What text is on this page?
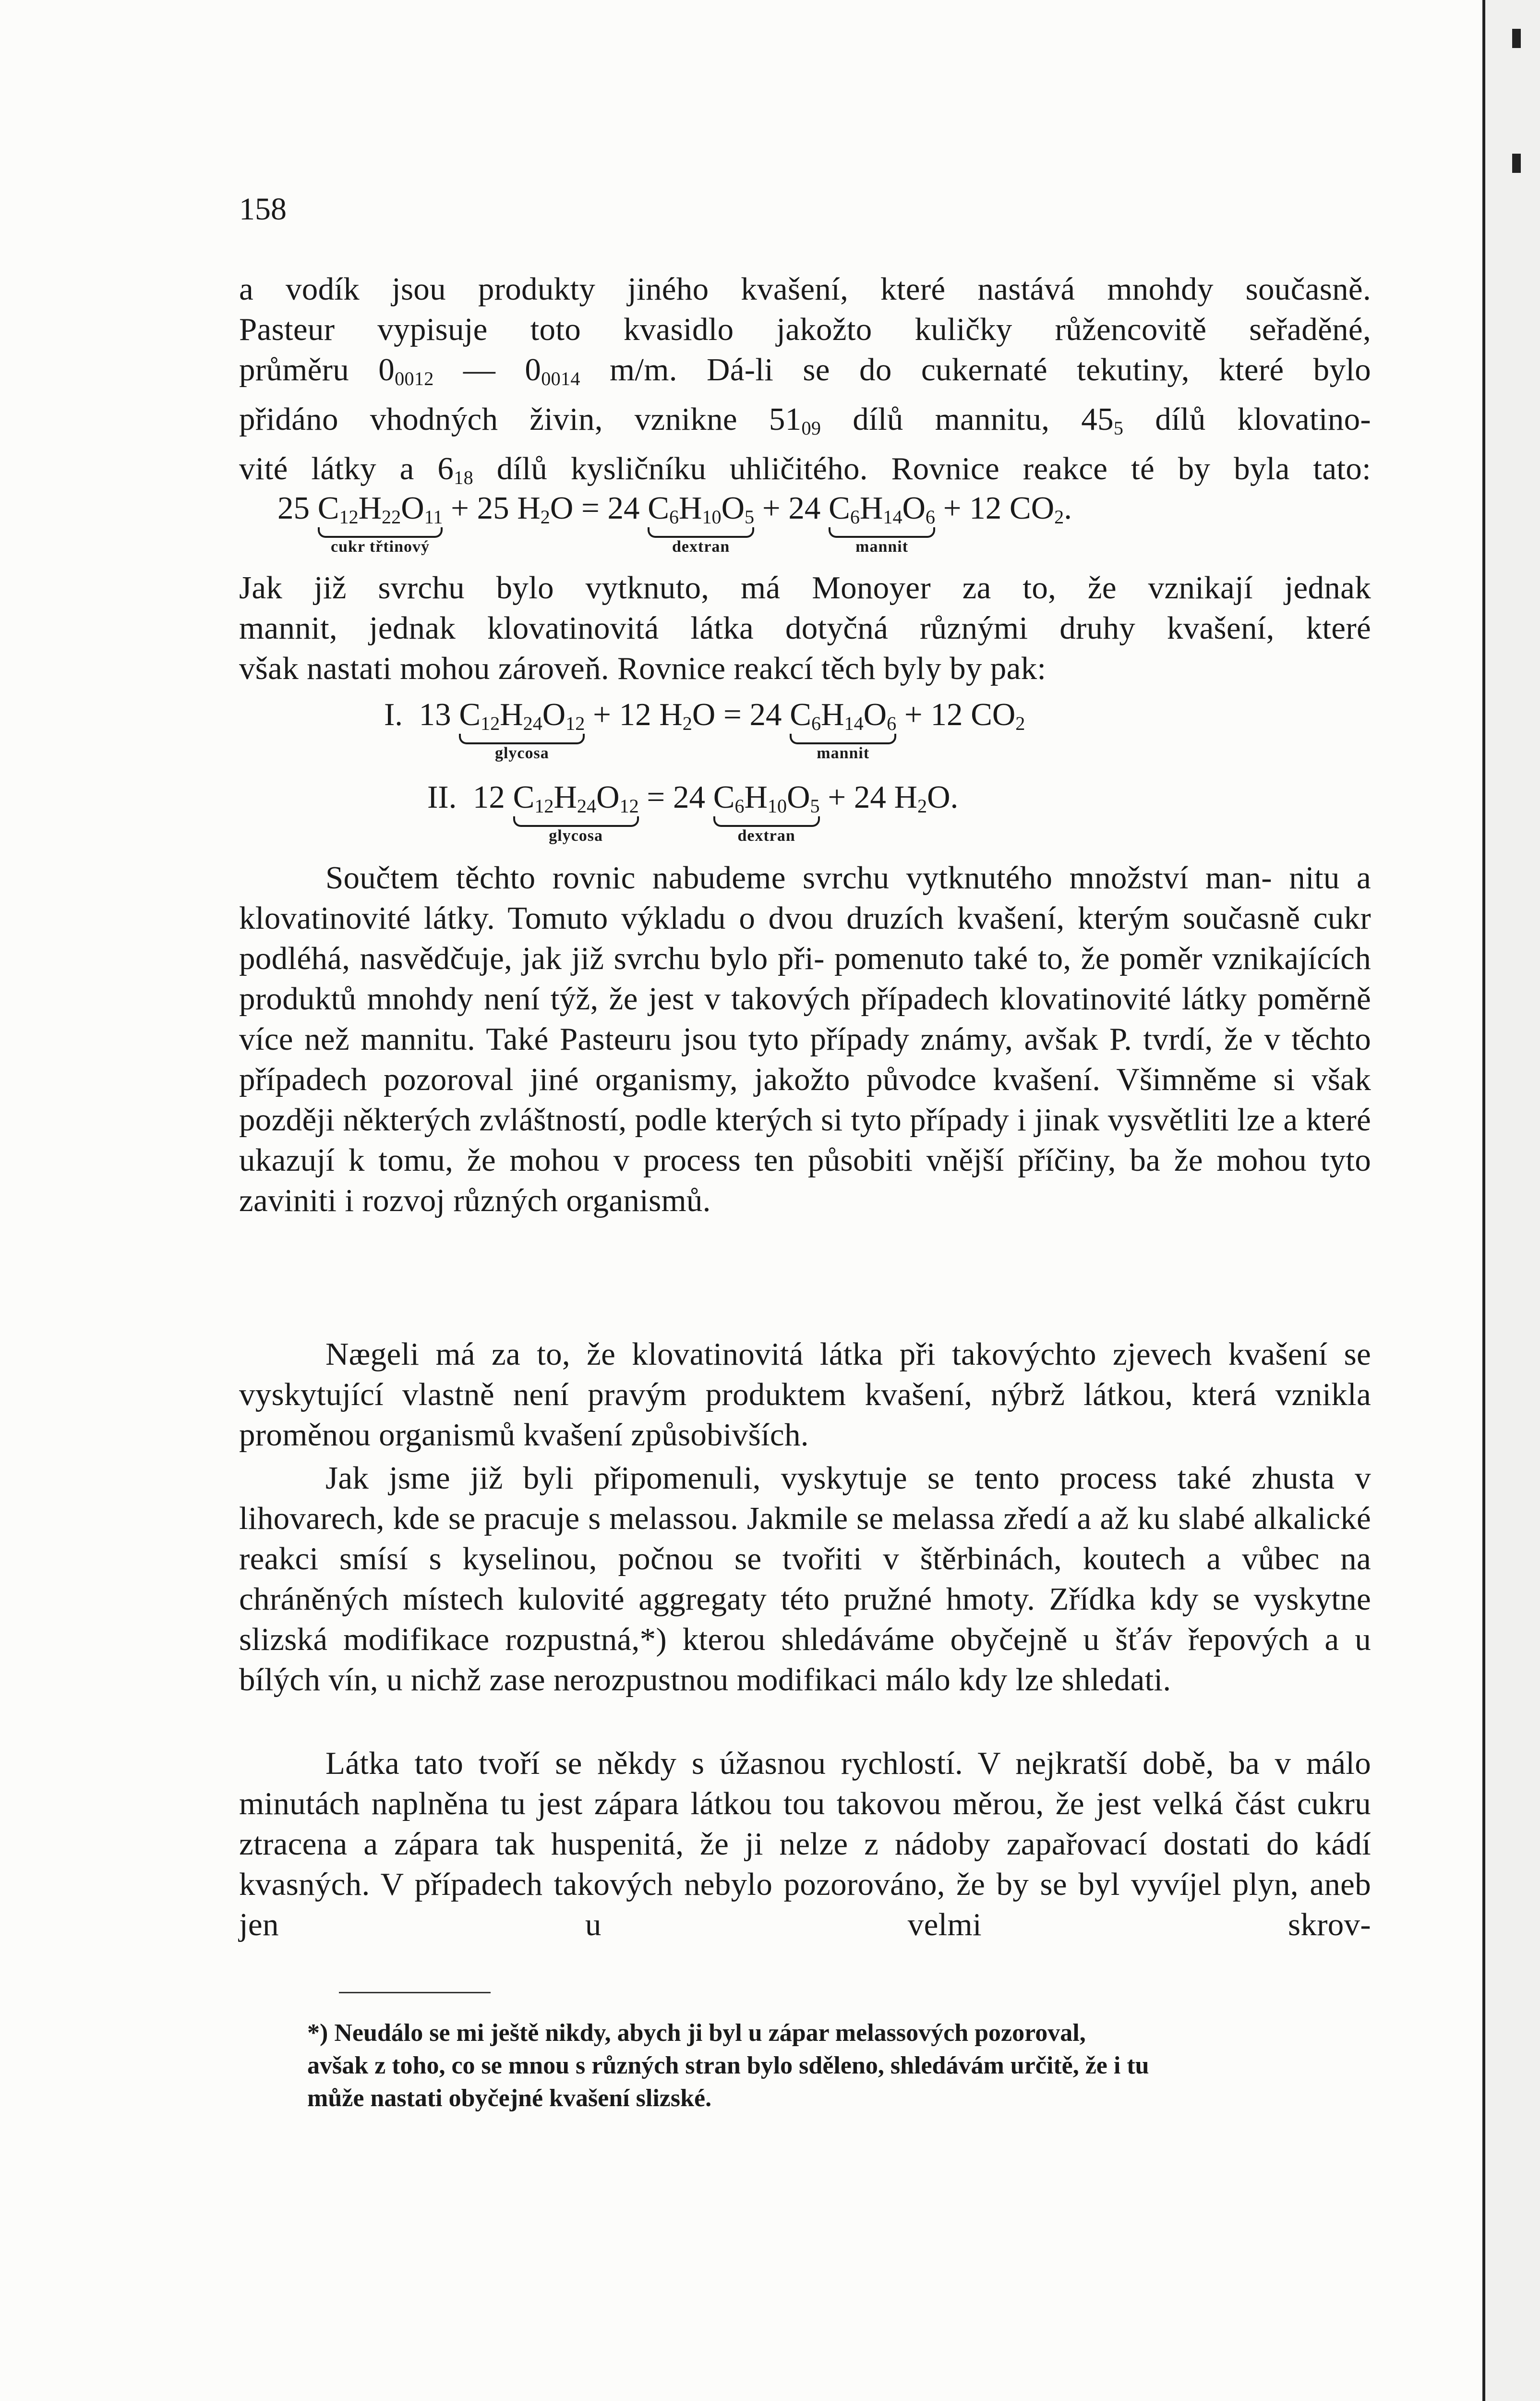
158
a vodík jsou produkty jiného kvašení, které nastává mnohdy současně.
Pasteur vypisuje toto kvasidlo jakožto kuličky růžencovitě seřaděné,
průměru $0_{0012}$ — $0_{0014}$ m/m. Dá-li se do cukernaté tekutiny, které bylo
přidáno vhodných živin, vznikne $51_{09}$ dílů mannitu, $45_5$ dílů klovatino-
vité látky a $6_{18}$ dílů kysličníku uhličitého. Rovnice reakce té by byla tato:
25 $C_{12}H_{22}O_{11}$
cukr třtinový
+ 25 $H_2O = 24$ $C_6H_{10}O_5$
dextran
+ 24 $C_6H_{14}O_6$
mannit
+ 12 $CO_2$.
Jak již svrchu bylo vytknuto, má Monoyer za to, že vznikají jednak
mannit, jednak klovatinovitá látka dotyčná různými druhy kvašení, které
však nastati mohou zároveň. Rovnice reakcí těch byly by pak:
I. 13 $C_{12}H_{24}O_{12}$
glycosa
+ 12 $H_2O = 24$ $C_6H_{14}O_6$
mannit
+ 12 $CO_2$
II. 12 $C_{12}H_{24}O_{12}$
glycosa
= 24 $C_6H_{10}O_5$
dextran
+ 24 $H_2O$.
Součtem těchto rovnic nabudeme svrchu vytknutého množství man- nitu a klovatinovité látky. Tomuto výkladu o dvou druzích kvašení, kterým současně cukr podléhá, nasvědčuje, jak již svrchu bylo při- pomenuto také to, že poměr vznikajících produktů mnohdy není týž, že jest v takových případech klovatinovité látky poměrně více než mannitu. Také Pasteuru jsou tyto případy známy, avšak P. tvrdí, že v těchto případech pozoroval jiné organismy, jakožto původce kvašení. Všimněme si však později některých zvláštností, podle kterých si tyto případy i jinak vysvětliti lze a které ukazují k tomu, že mohou v process ten působiti vnější příčiny, ba že mohou tyto zaviniti i rozvoj různých organismů.
Nægeli má za to, že klovatinovitá látka při takovýchto zjevech kvašení se vyskytující vlastně není pravým produktem kvašení, nýbrž látkou, která vznikla proměnou organismů kvašení způsobivších.
Jak jsme již byli připomenuli, vyskytuje se tento process také zhusta v lihovarech, kde se pracuje s melassou. Jakmile se melassa zředí a až ku slabé alkalické reakci smísí s kyselinou, počnou se tvořiti v štěrbinách, koutech a vůbec na chráněných místech kulovité aggregaty této pružné hmoty. Zřídka kdy se vyskytne slizská modifikace rozpustná,*) kterou shledáváme obyčejně u šťáv řepových a u bílých vín, u nichž zase nerozpustnou modifikaci málo kdy lze shledati.
Látka tato tvoří se někdy s úžasnou rychlostí. V nejkratší době, ba v málo minutách naplněna tu jest zápara látkou tou takovou měrou, že jest velká část cukru ztracena a zápara tak huspenitá, že ji nelze z nádoby zapařovací dostati do kádí kvasných. V případech takových nebylo pozorováno, že by se byl vyvíjel plyn, aneb jen u velmi skrov-
*) Neudálo se mi ještě nikdy, abych ji byl u zápar melassových pozoroval,
avšak z toho, co se mnou s různých stran bylo sděleno, shledávám určitě, že i tu
může nastati obyčejné kvašení slizské.
